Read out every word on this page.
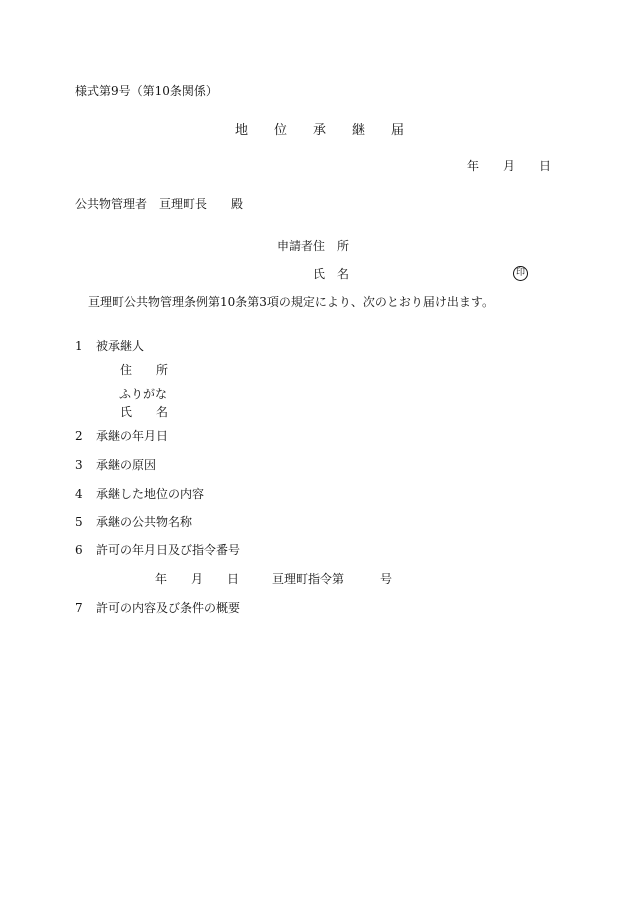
様式第9号（第10条関係）
地　　位　　承　　継　　届
年　　月　　日
公共物管理者　亘理町長　　殿
申請者住　所
氏　名	印
亘理町公共物管理条例第10条第3項の規定により、次のとおり届け出ます。
1 被承継人
住　　所
ふりがな
氏　　名
2 承継の年月日
3 承継の原因
4 承継した地位の内容
5 承継の公共物名称
6 許可の年月日及び指令番号
年　　月　　日	亘理町指令第　　　号
7 許可の内容及び条件の概要
